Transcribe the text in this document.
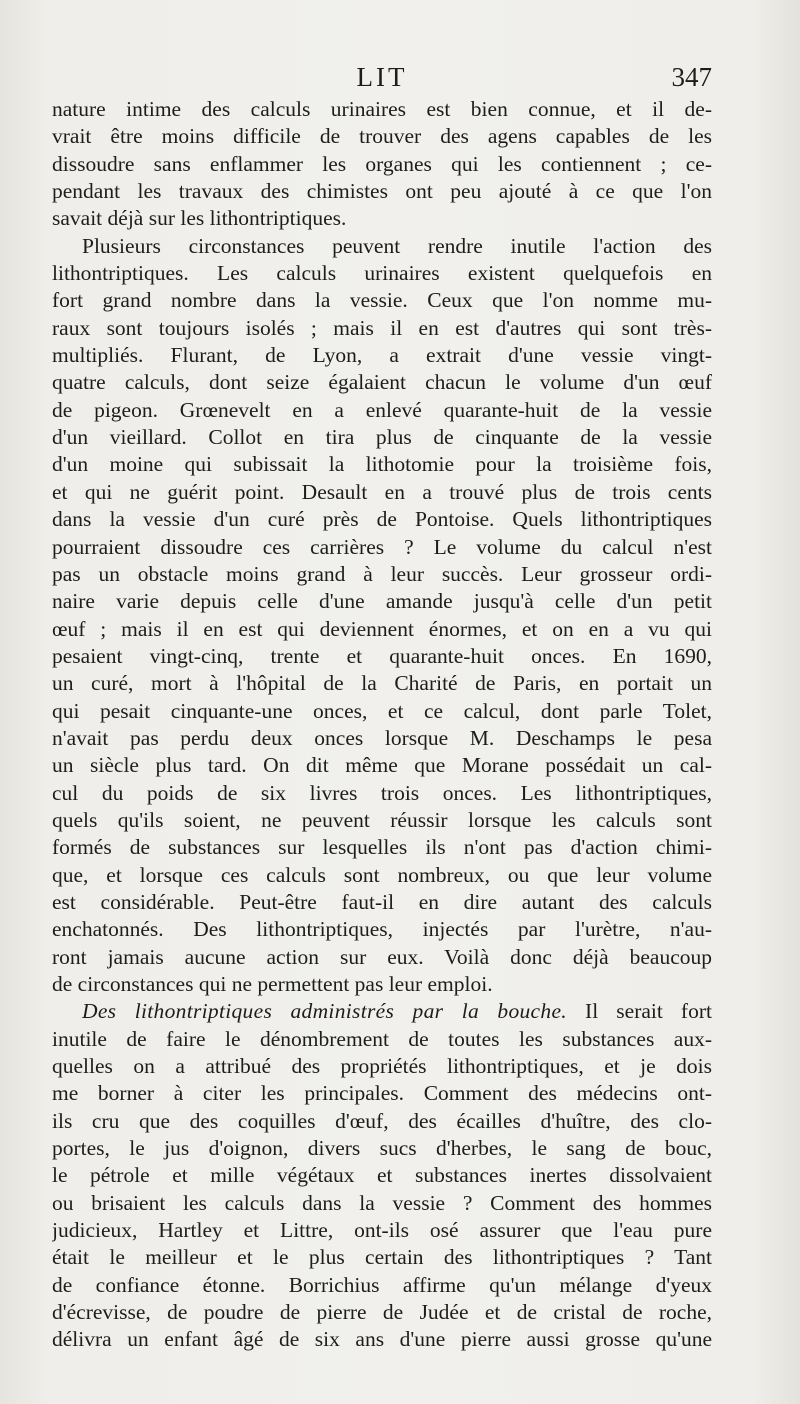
LIT	347
nature intime des calculs urinaires est bien connue, et il de-
vrait être moins difficile de trouver des agens capables de les
dissoudre sans enflammer les organes qui les contiennent ; ce-
pendant les travaux des chimistes ont peu ajouté à ce que l'on
savait déjà sur les lithontriptiques.
Plusieurs circonstances peuvent rendre inutile l'action des
lithontriptiques. Les calculs urinaires existent quelquefois en
fort grand nombre dans la vessie. Ceux que l'on nomme mu-
raux sont toujours isolés ; mais il en est d'autres qui sont très-
multipliés. Flurant, de Lyon, a extrait d'une vessie vingt-
quatre calculs, dont seize égalaient chacun le volume d'un œuf
de pigeon. Grœnevelt en a enlevé quarante-huit de la vessie
d'un vieillard. Collot en tira plus de cinquante de la vessie
d'un moine qui subissait la lithotomie pour la troisième fois,
et qui ne guérit point. Desault en a trouvé plus de trois cents
dans la vessie d'un curé près de Pontoise. Quels lithontriptiques
pourraient dissoudre ces carrières ? Le volume du calcul n'est
pas un obstacle moins grand à leur succès. Leur grosseur ordi-
naire varie depuis celle d'une amande jusqu'à celle d'un petit
œuf ; mais il en est qui deviennent énormes, et on en a vu qui
pesaient vingt-cinq, trente et quarante-huit onces. En 1690,
un curé, mort à l'hôpital de la Charité de Paris, en portait un
qui pesait cinquante-une onces, et ce calcul, dont parle Tolet,
n'avait pas perdu deux onces lorsque M. Deschamps le pesa
un siècle plus tard. On dit même que Morane possédait un cal-
cul du poids de six livres trois onces. Les lithontriptiques,
quels qu'ils soient, ne peuvent réussir lorsque les calculs sont
formés de substances sur lesquelles ils n'ont pas d'action chimi-
que, et lorsque ces calculs sont nombreux, ou que leur volume
est considérable. Peut-être faut-il en dire autant des calculs
enchatonnés. Des lithontriptiques, injectés par l'urètre, n'au-
ront jamais aucune action sur eux. Voilà donc déjà beaucoup
de circonstances qui ne permettent pas leur emploi.
Des lithontriptiques administrés par la bouche. Il serait fort
inutile de faire le dénombrement de toutes les substances aux-
quelles on a attribué des propriétés lithontriptiques, et je dois
me borner à citer les principales. Comment des médecins ont-
ils cru que des coquilles d'œuf, des écailles d'huître, des clo-
portes, le jus d'oignon, divers sucs d'herbes, le sang de bouc,
le pétrole et mille végétaux et substances inertes dissolvaient
ou brisaient les calculs dans la vessie ? Comment des hommes
judicieux, Hartley et Littre, ont-ils osé assurer que l'eau pure
était le meilleur et le plus certain des lithontriptiques ? Tant
de confiance étonne. Borrichius affirme qu'un mélange d'yeux
d'écrevisse, de poudre de pierre de Judée et de cristal de roche,
délivra un enfant âgé de six ans d'une pierre aussi grosse qu'une
